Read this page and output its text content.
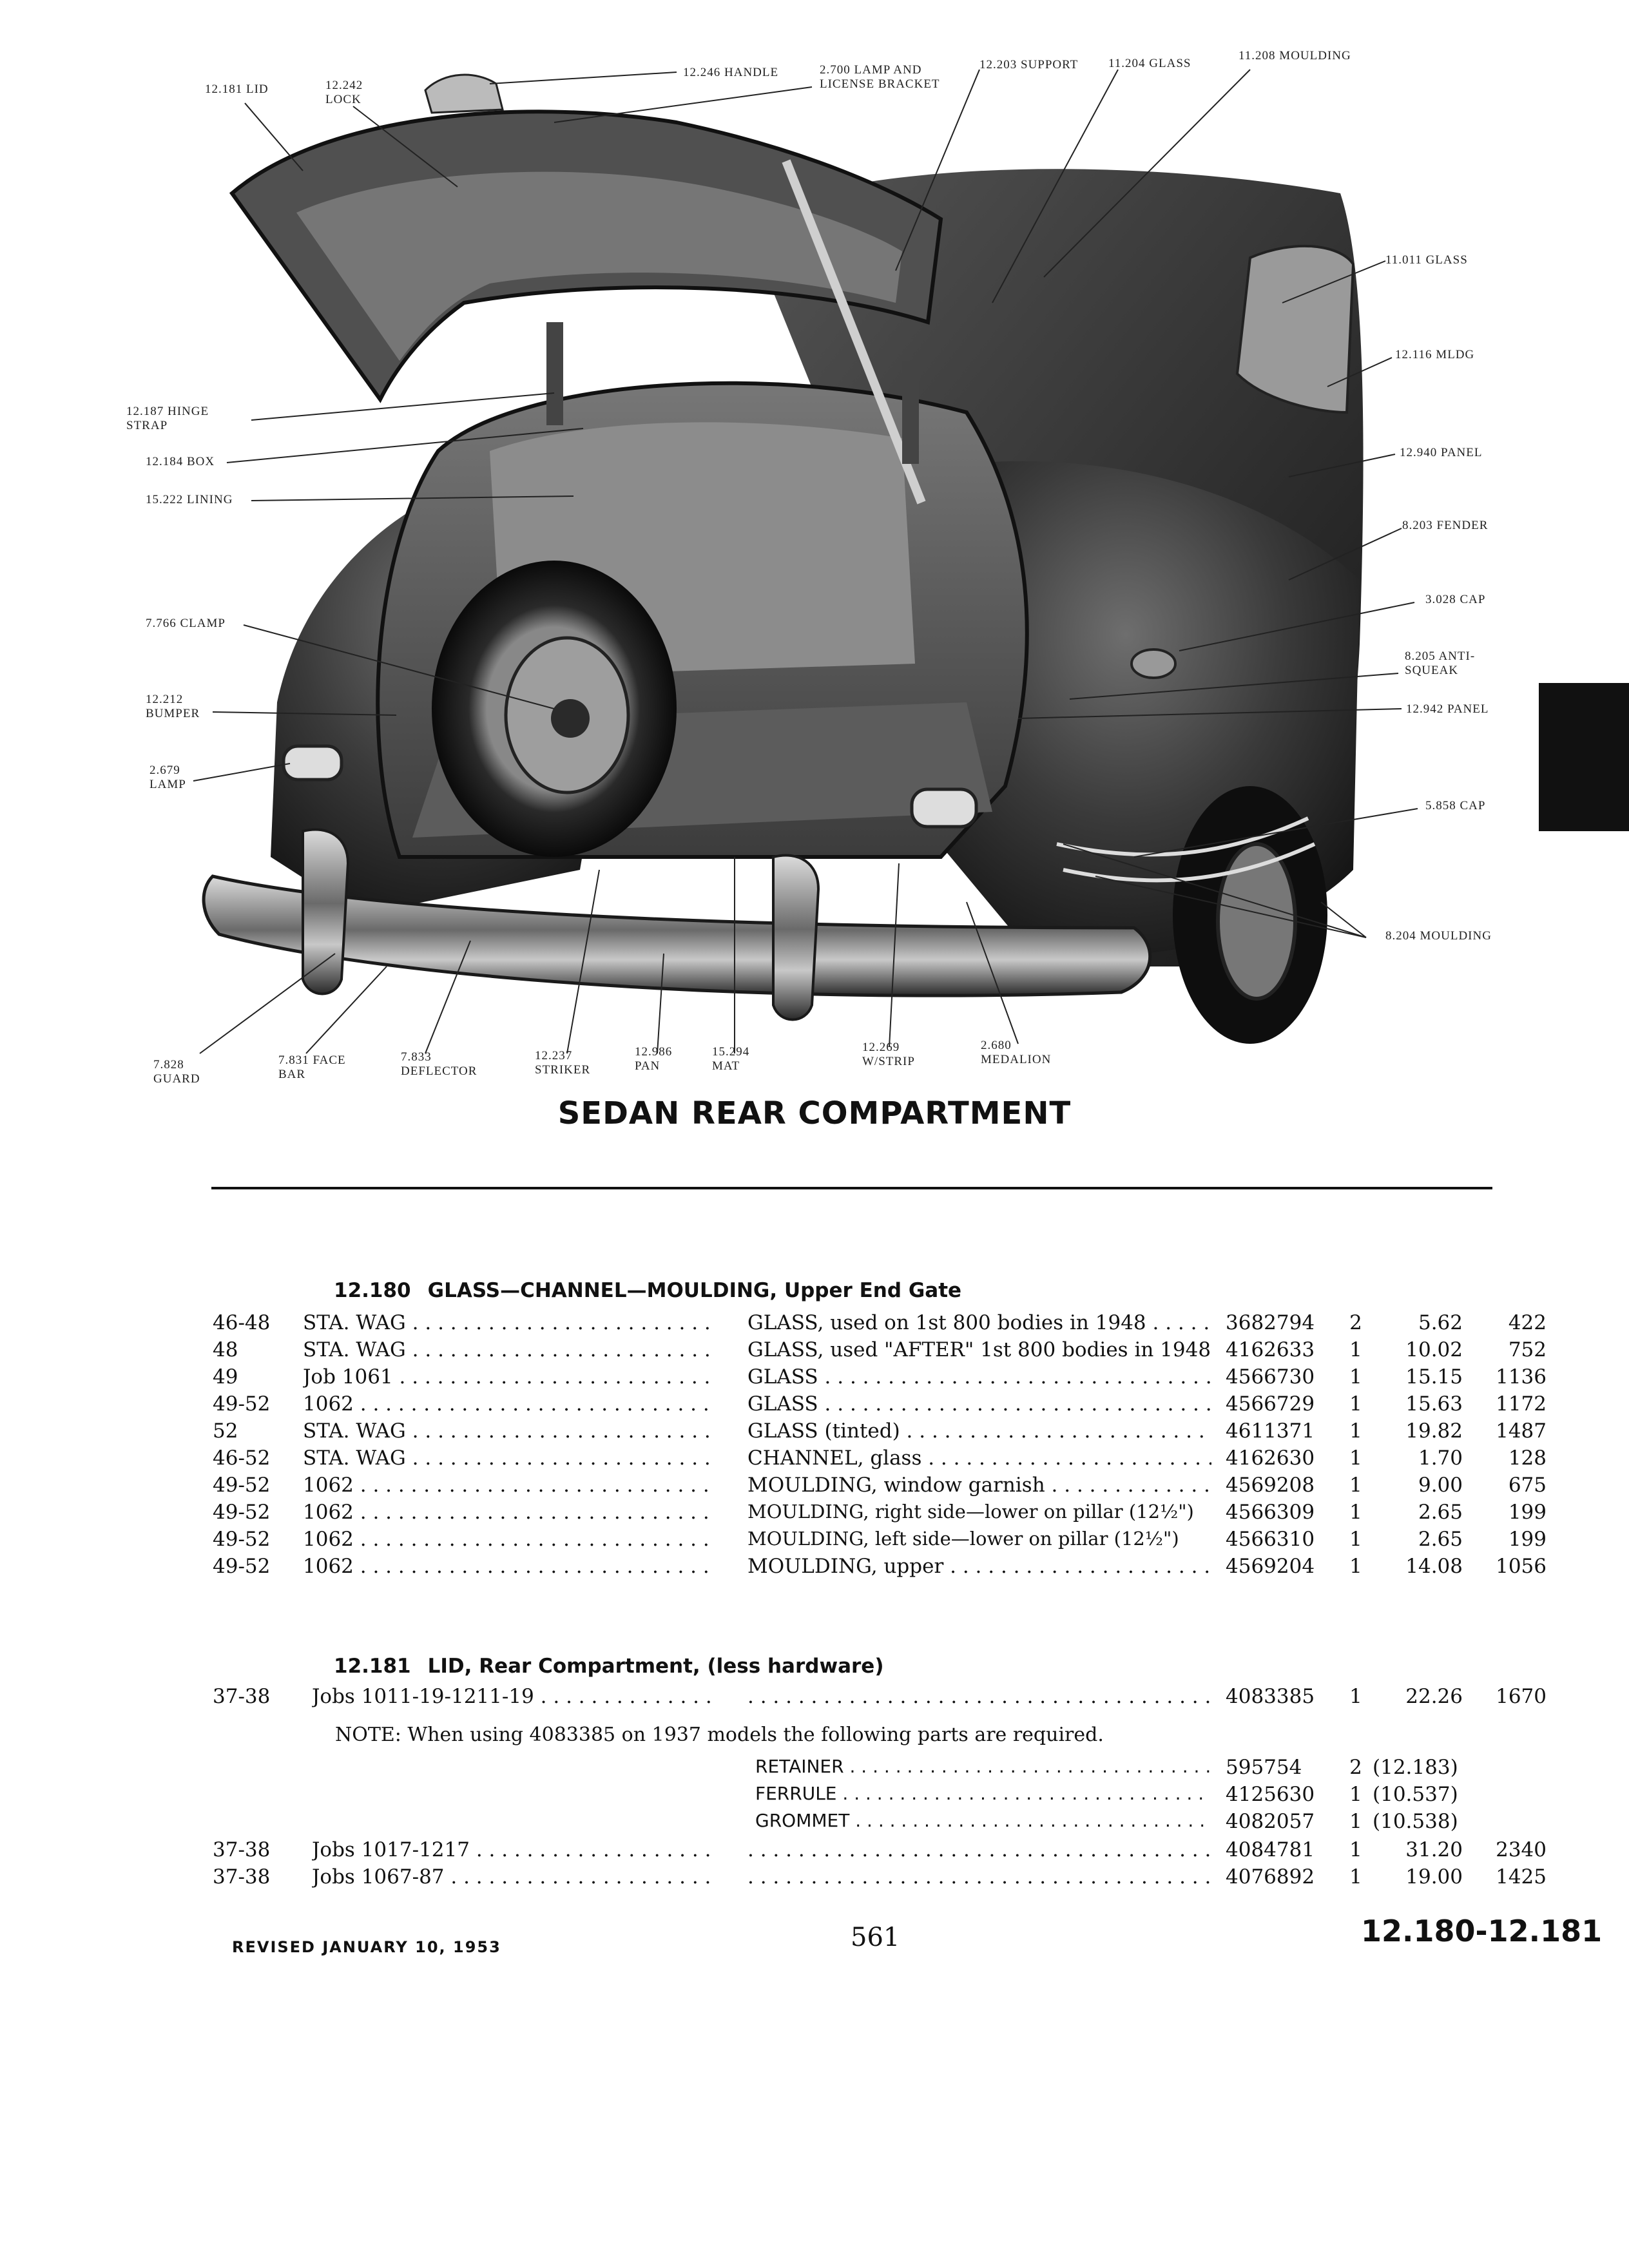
12.181 LID	12.242 LOCK
12.246 HANDLE	2.700 LAMP AND LICENSE BRACKET
12.203 SUPPORT 11.204 GLASS
11.208 MOULDING
11.011 GLASS
12.116 MLDG
12.940 PANEL
8.203 FENDER
3.028 CAP
8.205 ANTI-SQUEAK
12.942 PANEL
5.858 CAP
8.204 MOULDING
12.187 HINGE STRAP
12.184 BOX
15.222 LINING
7.766 CLAMP
12.212 BUMPER
2.679 LAMP
7.828 GUARD
7.831 FACE BAR
7.833 DEFLECTOR
12.237 STRIKER
12.986 PAN
15.294 MAT
12.269 W/STRIP
2.680 MEDALION
SEDAN REAR COMPARTMENT
12.180 GLASS—CHANNEL—MOULDING, Upper End Gate
46-48 STA. WAG . . .	GLASS, used on 1st 800 bodies in 1948 . . .	3682794	2	5.62	422
48	STA. WAG . . .	GLASS, used "AFTER" 1st 800 bodies in 1948 4162633	1	10.02	752
49	Job 1061 . . .	GLASS . . .	4566730	1	15.15	1136
49-52 1062 . . .	GLASS . . .	4566729	1	15.63	1172
52	STA. WAG . . .	GLASS (tinted) . . .	4611371	1	19.82	1487
46-52 STA. WAG . . .	CHANNEL, glass . . .	4162630	1	1.70	128
49-52 1062 . . .	MOULDING, window garnish . . .	4569208	1	9.00	675
49-52 1062 . . .	MOULDING, right side—lower on pillar (12½")	4566309	1	2.65	199
49-52 1062 . . .	MOULDING, left side—lower on pillar (12½")	4566310	1	2.65	199
49-52 1062 . . .	MOULDING, upper . . .	4569204	1	14.08	1056
12.181 LID, Rear Compartment, (less hardware)
37-38 Jobs 1011-19-1211-19 . . . . . .	4083385	1	22.26	1670
NOTE: When using 4083385 on 1937 models the following parts are required.
RETAINER . . .	595754	2 (12.183)
FERRULE . . .	4125630	1 (10.537)
GROMMET . . .	4082057	1 (10.538)
37-38 Jobs 1017-1217 . . . . . .	4084781	1	31.20	2340
37-38 Jobs 1067-87 . . . . . .	4076892	1	19.00	1425
REVISED JANUARY 10, 1953	561	12.180-12.181
